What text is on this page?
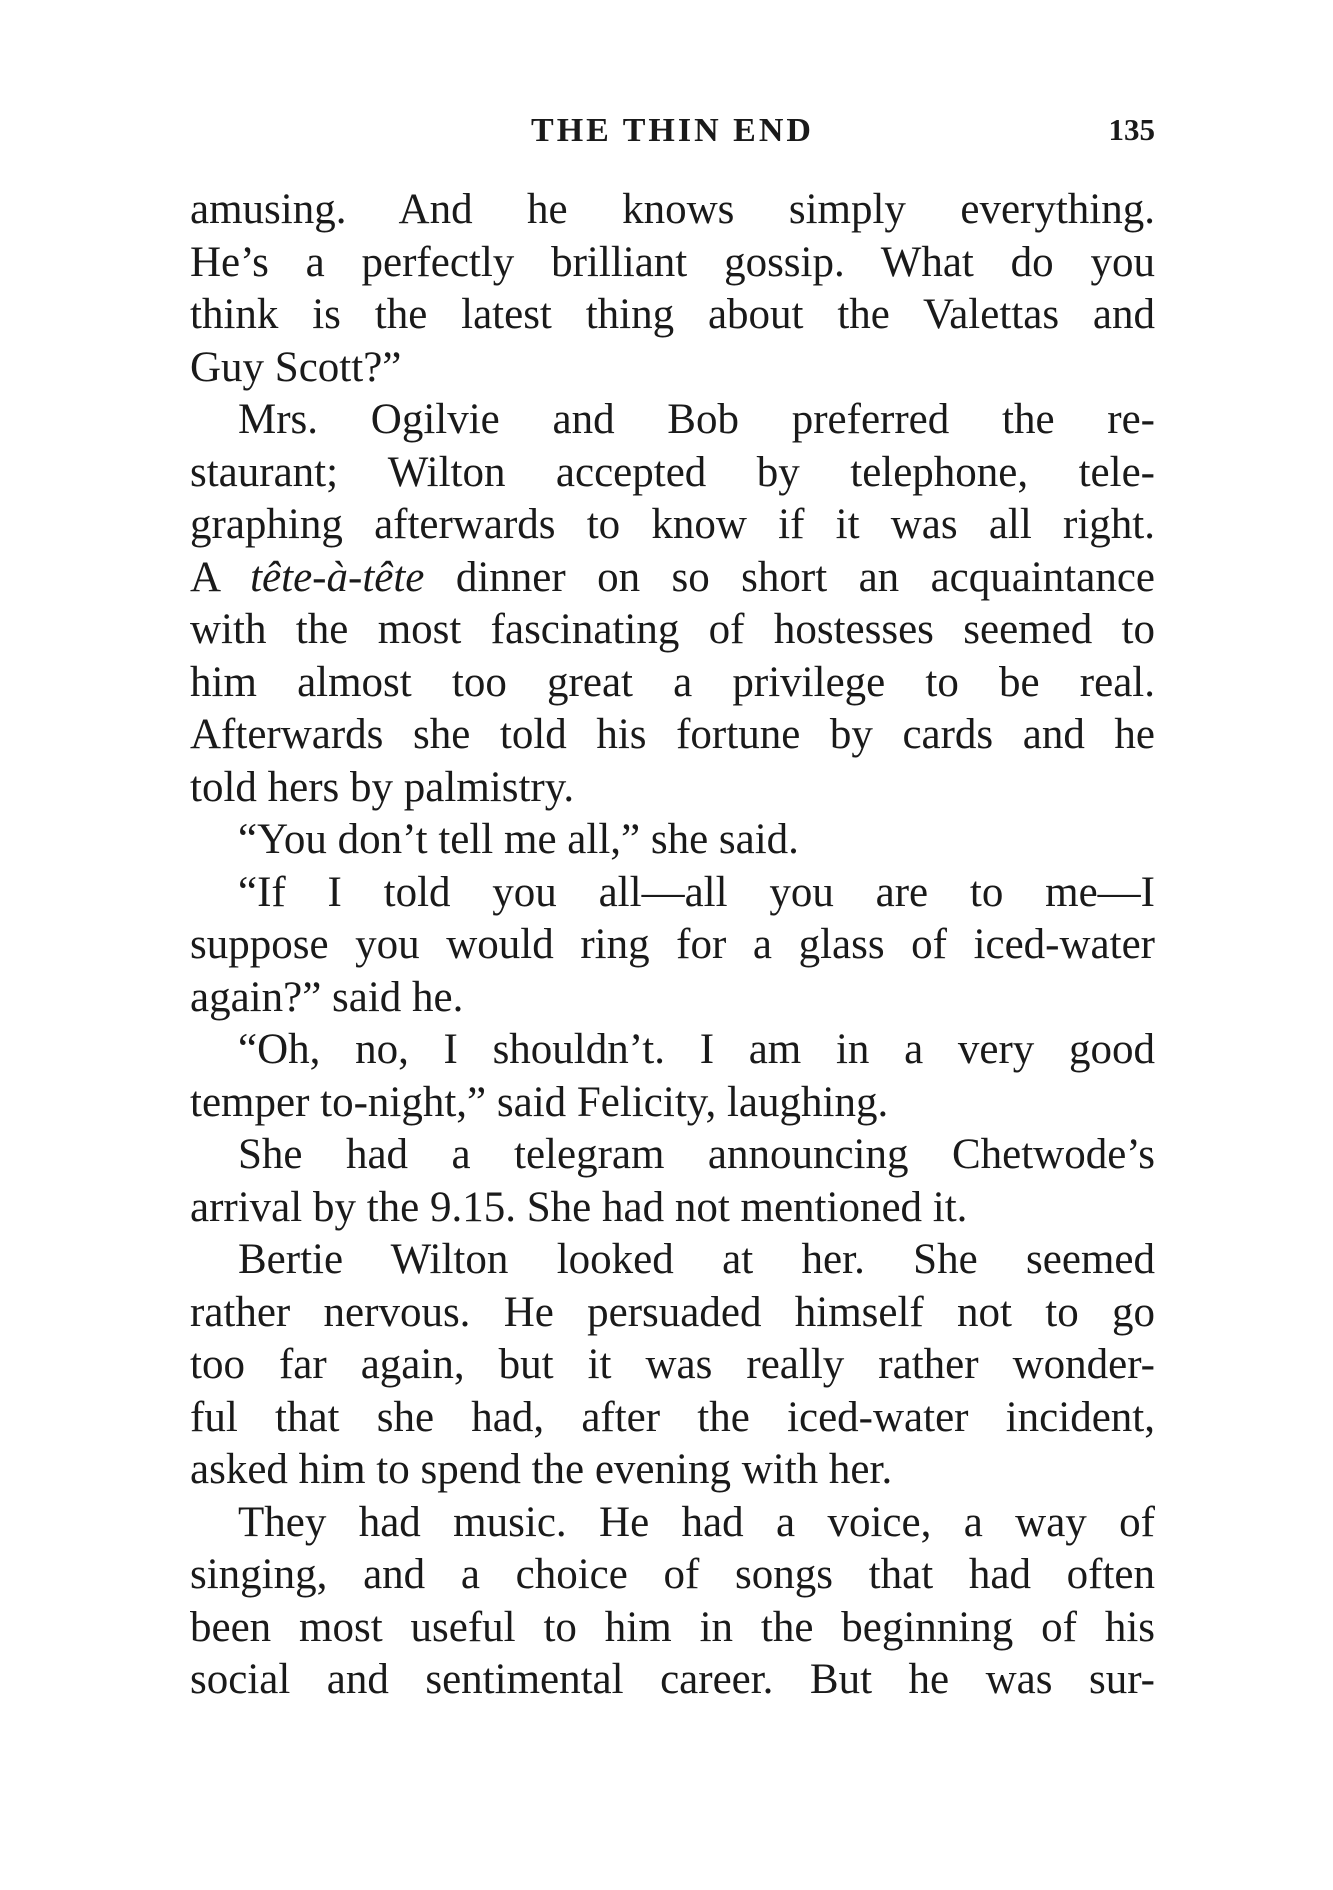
THE THIN END	135
amusing. And he knows simply everything.
He’s a perfectly brilliant gossip. What do you
think is the latest thing about the Valettas and
Guy Scott?”
Mrs. Ogilvie and Bob preferred the re-
staurant; Wilton accepted by telephone, tele-
graphing afterwards to know if it was all right.
A tête-à-tête dinner on so short an acquaintance
with the most fascinating of hostesses seemed to
him almost too great a privilege to be real.
Afterwards she told his fortune by cards and he
told hers by palmistry.
“You don’t tell me all,” she said.
“If I told you all—all you are to me—I
suppose you would ring for a glass of iced-water
again?” said he.
“Oh, no, I shouldn’t. I am in a very good
temper to-night,” said Felicity, laughing.
She had a telegram announcing Chetwode’s
arrival by the 9.15. She had not mentioned it.
Bertie Wilton looked at her. She seemed
rather nervous. He persuaded himself not to go
too far again, but it was really rather wonder-
ful that she had, after the iced-water incident,
asked him to spend the evening with her.
They had music. He had a voice, a way of
singing, and a choice of songs that had often
been most useful to him in the beginning of his
social and sentimental career. But he was sur-
